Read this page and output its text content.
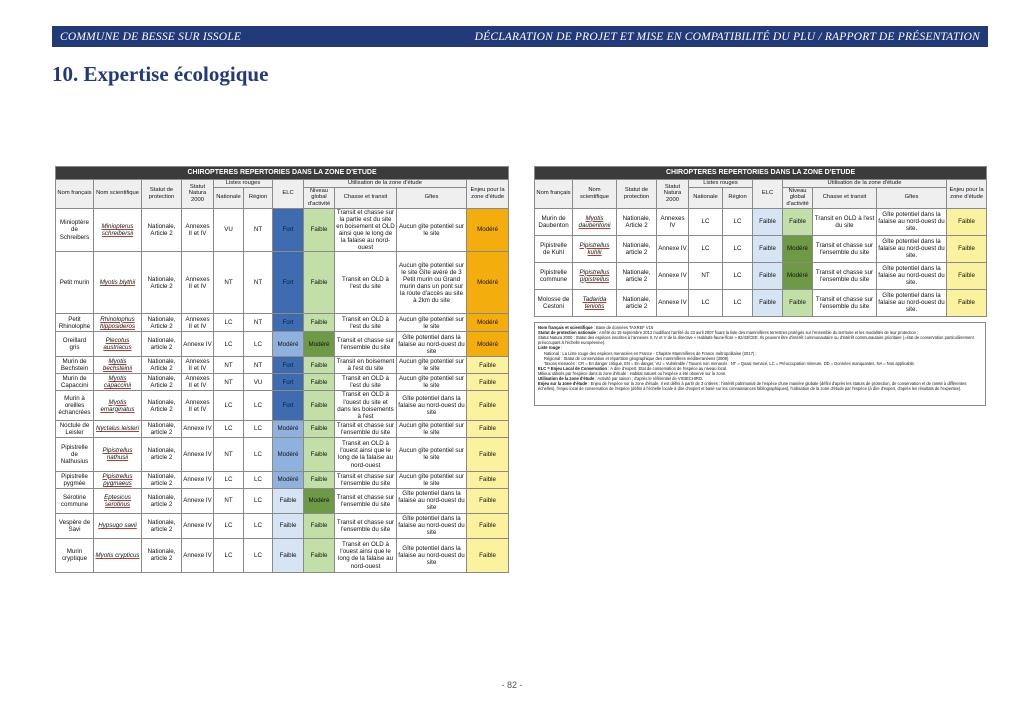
COMMUNE DE BESSE SUR ISSOLE	DÉCLARATION DE PROJET ET MISE EN COMPATIBILITÉ DU PLU / RAPPORT DE PRÉSENTATION
10. Expertise écologique
CHIROPTERES REPERTORIES DANS LA ZONE D'ETUDE										
Nom français	Nom scientifique	Statut de protection	Statut Natura 2000	Listes rouges		ELC	Utilisation de la zone d'étude			Enjeu pour la zone d'étude
				Nationale	Région		Niveau global d'activité	Chasse et transit	Gîtes	
Minioptère de Schreibers	Miniopterus schreibersii	Nationale, Article 2	Annexes II et IV	VU	NT	Fort	Faible	Transit et chasse sur la partie est du site en boisement et OLD ainsi que le long de la falaise au nord-ouest	Aucun gîte potentiel sur le site	Modéré
Petit murin	Myotis blythii	Nationale, Article 2	Annexes II et IV	NT	NT	Fort	Faible	Transit en OLD à l'est du site	Aucun gîte potentiel sur le site Gîte avéré de 3 Petit murin ou Grand murin dans un pont sur la route d'accès au site à 2km du site	Modéré
Petit Rhinolophe	Rhinolophus hipposideros	Nationale, Article 2	Annexes II et IV	LC	NT	Fort	Faible	Transit en OLD à l'est du site	Aucun gîte potentiel sur le site	Modéré
Oreillard gris	Plecotus austriacus	Nationale, article 2	Annexe IV	LC	LC	Modéré	Modéré	Transit et chasse sur l'ensemble du site	Gîte potentiel dans la falaise au nord-ouest du site	Modéré
Murin de Bechstein	Myotis bechsteinii	Nationale, Article 2	Annexes II et IV	NT	NT	Fort	Faible	Transit en boisement à l'est du site	Aucun gîte potentiel sur le site	Faible
Murin de Capaccini	Myotis capaccinii	Nationale, Article 2	Annexes II et IV	NT	VU	Fort	Faible	Transit en OLD à l'est du site	Aucun gîte potentiel sur le site	Faible
Murin à oreilles échancrées	Myotis emarginatus	Nationale, Article 2	Annexes II et IV	LC	LC	Fort	Faible	Transit en OLD à l'ouest du site et dans les boisements à l'est	Gîte potentiel dans la falaise au nord-ouest du site	Faible
Noctule de Leisler	Nyctalus leisleri	Nationale, article 2	Annexe IV	LC	LC	Modéré	Faible	Transit et chasse sur l'ensemble du site	Aucun gîte potentiel sur le site	Faible
Pipistrelle de Nathusius	Pipistrellus nathusii	Nationale, article 2	Annexe IV	NT	LC	Modéré	Faible	Transit en OLD à l'ouest ainsi que le long de la falaise au nord-ouest	Aucun gîte potentiel sur le site	Faible
Pipistrelle pygmée	Pipistrellus pygmaeus	Nationale, article 2	Annexe IV	LC	LC	Modéré	Faible	Transit et chasse sur l'ensemble du site	Aucun gîte potentiel sur le site	Faible
Sérotine commune	Eptesicus serotinus	Nationale, article 2	Annexe IV	NT	LC	Faible	Modéré	Transit et chasse sur l'ensemble du site	Gîte potentiel dans la falaise au nord-ouest du site	Faible
Vespère de Savi	Hypsugo savii	Nationale, article 2	Annexe IV	LC	LC	Faible	Faible	Transit et chasse sur l'ensemble du site	Gîte potentiel dans la falaise au nord-ouest du site	Faible
Murin cryptique	Myotis crypticus	Nationale, article 2	Annexe IV	LC	LC	Faible	Faible	Transit en OLD à l'ouest ainsi que le long de la falaise au nord-ouest	Gîte potentiel dans la falaise au nord-ouest du site	Faible
CHIROPTERES REPERTORIES DANS LA ZONE D'ETUDE										
Nom français	Nom scientifique	Statut de protection	Statut Natura 2000	Listes rouges		ELC	Utilisation de la zone d'étude			Enjeu pour la zone d'étude
				Nationale	Région		Niveau global d'activité	Chasse et transit	Gîtes	
Murin de Daubenton	Myotis daubentonii	Nationale, Article 2	Annexes IV	LC	LC	Faible	Faible	Transit en OLD à l'est du site	Gîte potentiel dans la falaise au nord-ouest du site.	Faible
Pipistrelle de Kuhl	Pipistrellus kuhlii	Nationale, article 2	Annexe IV	LC	LC	Faible	Modéré	Transit et chasse sur l'ensemble du site	Gîte potentiel dans la falaise au nord-ouest du site.	Faible
Pipistrelle commune	Pipistrellus pipistrellus	Nationale, article 2	Annexe IV	NT	LC	Faible	Modéré	Transit et chasse sur l'ensemble du site	Gîte potentiel dans la falaise au nord-ouest du site.	Faible
Molosse de Cestoni	Tadarida teniotis	Nationale, article 2	Annexe IV	LC	LC	Faible	Faible	Transit et chasse sur l'ensemble du site	Gîte potentiel dans la falaise au nord-ouest du site.	Faible

Nom français et scientifique : Base de données TAXREF V16

Statut de protection nationale : Arrêté du 15 septembre 2012 modifiant l'arrêté du 23 avril 2007 fixant la liste des mammifères terrestres protégés sur l'ensemble du territoire et les modalités de leur protection ;

Statut Natura 2000 : Statut des espèces inscrites à l'annexes II, IV et V de la directive « Habitats-faune-flore » 92/43/CEE. Ils peuvent être d'intérêt communautaire ou d'intérêt communautaire prioritaire (=état de conservation particulièrement préoccupant à l'échelle européenne).

Liste rouge :

National : La Liste rouge des espèces menacées en France - Chapitre Mammifères de France métropolitaine (2017) ;

Régional : Statut de conservation et répartition géographique des mammifères méditerranéens (2009)

Taxons menacés : CR = En danger critique, EN = En danger, VU = Vulnérable / Taxons non menacés : NT = Quasi menacé, LC = Préoccupation mineure, DD = Données manquantes, NA = Non applicable.

ELC = Enjeu Local de Conservation : A dire d'expert. Etat de conservation de l'espèce au niveau local.

Milieux utilisés par l'espèce dans la zone d'étude : Habitat naturel ou l'espèce a été observé sur la zone.

Utilisation de la zone d'étude : Activité par saison ; d'après le référentiel de VIGIECHIRO.

Enjeu sur la zone d'étude : Enjeu de l'espèce sur la zone d'étude. Il est défini à partir de 3 critères : l'intérêt patrimonial de l'espèce d'une manière globale (défini d'après les statuts de protection, de conservation et de rareté à différentes échelles), l'enjeu local de conservation de l'espèce (défini à l'échelle locale à dire d'expert et basé sur les connaissances bibliographiques), l'utilisation de la zone d'étude par l'espèce (à dire d'expert, d'après les résultats de l'expertise).

- 82 -
